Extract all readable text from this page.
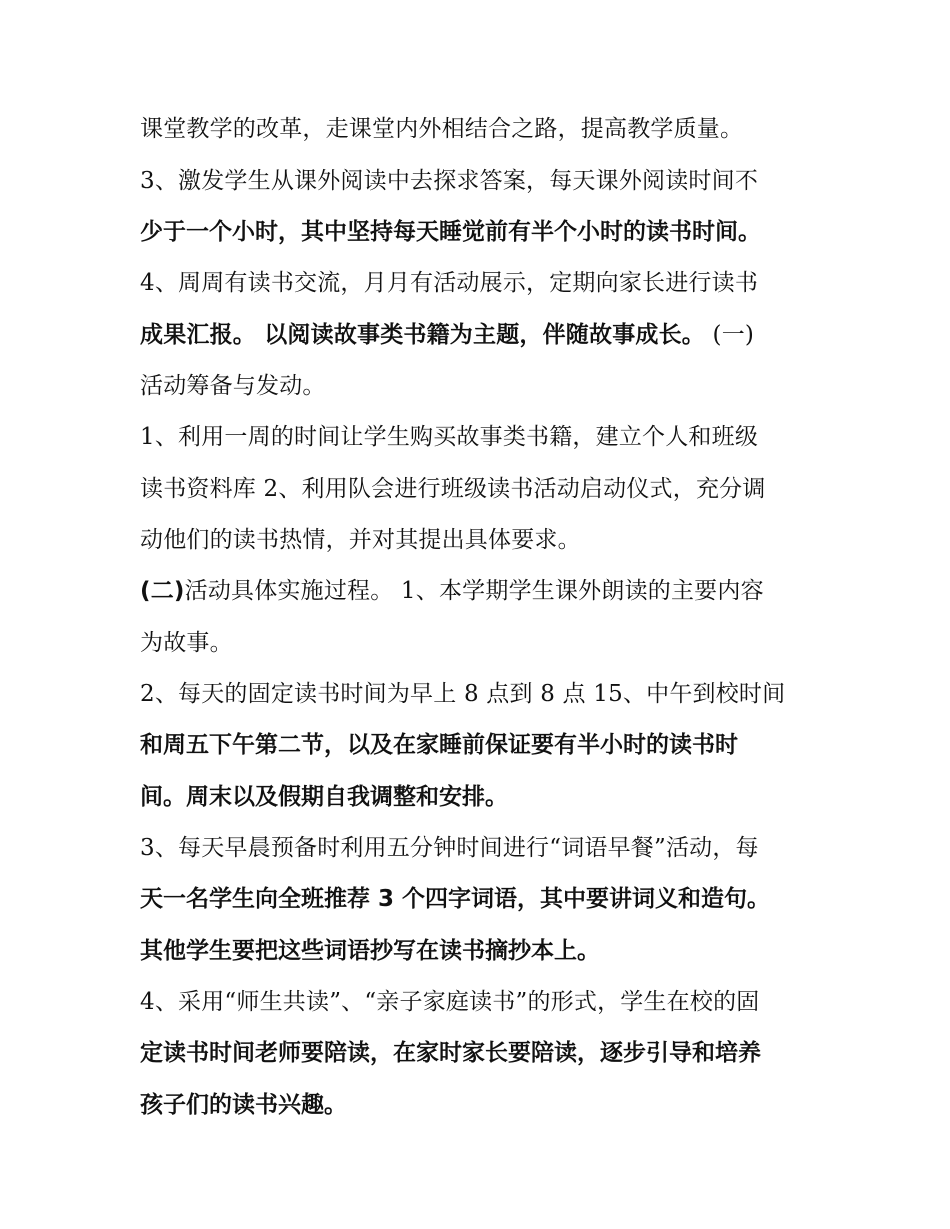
课堂教学的改革，走课堂内外相结合之路，提高教学质量。
3、激发学生从课外阅读中去探求答案，每天课外阅读时间不
少于一个小时，其中坚持每天睡觉前有半个小时的读书时间。
4、周周有读书交流，月月有活动展示，定期向家长进行读书
成果汇报。 以阅读故事类书籍为主题，伴随故事成长。 (一)
活动筹备与发动。
1、利用一周的时间让学生购买故事类书籍，建立个人和班级
读书资料库 2、利用队会进行班级读书活动启动仪式，充分调
动他们的读书热情，并对其提出具体要求。
(二)活动具体实施过程。 1、本学期学生课外朗读的主要内容
为故事。
2、每天的固定读书时间为早上 8 点到 8 点 15、中午到校时间
和周五下午第二节，以及在家睡前保证要有半小时的读书时
间。周末以及假期自我调整和安排。
3、每天早晨预备时利用五分钟时间进行“词语早餐”活动，每
天一名学生向全班推荐 3 个四字词语，其中要讲词义和造句。
其他学生要把这些词语抄写在读书摘抄本上。
4、采用“师生共读”、“亲子家庭读书”的形式，学生在校的固
定读书时间老师要陪读，在家时家长要陪读，逐步引导和培养
孩子们的读书兴趣。
